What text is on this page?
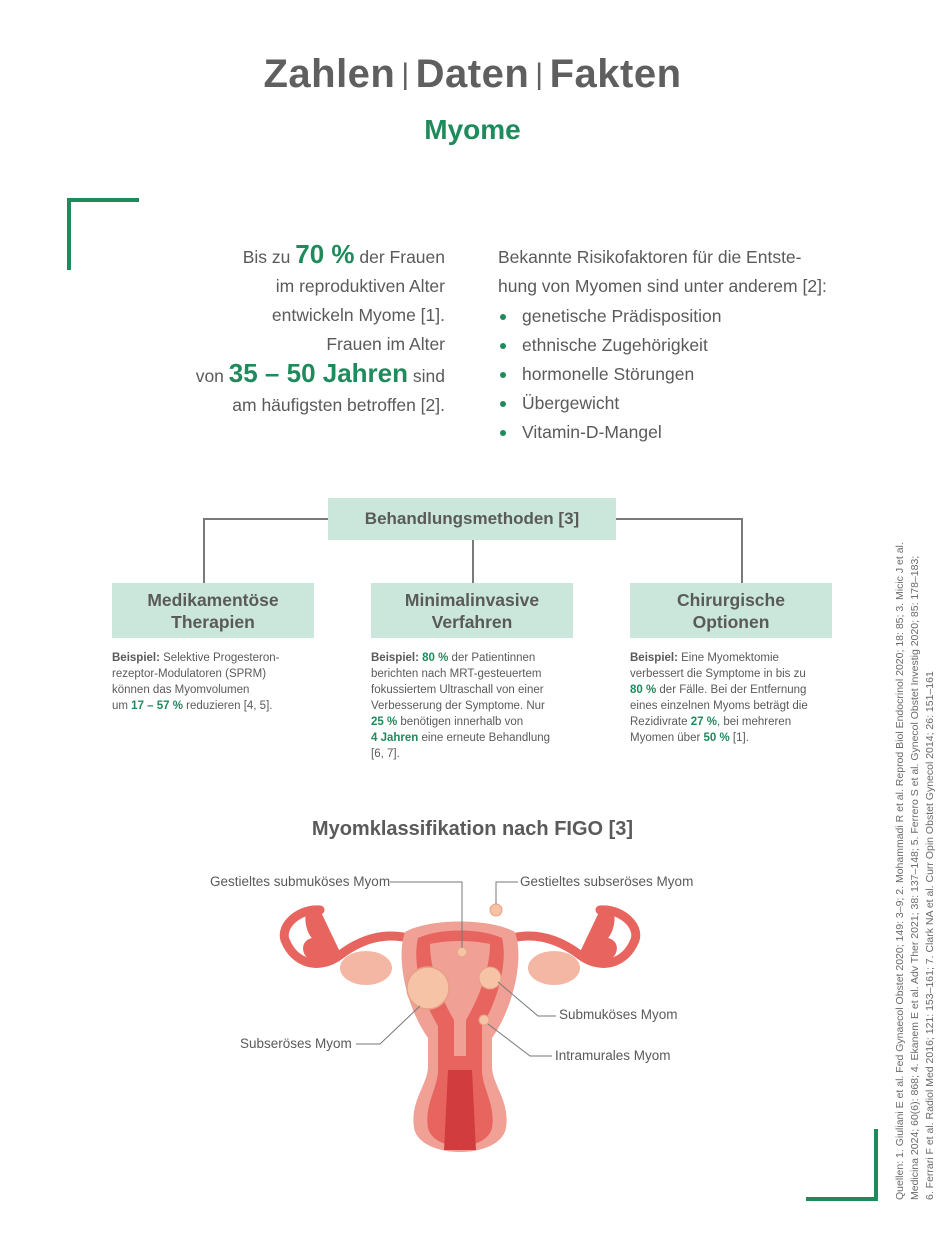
Zahlen | Daten | Fakten
Myome
Bis zu 70 % der Frauen
im reproduktiven Alter
entwickeln Myome [1].
Frauen im Alter
von 35 – 50 Jahren sind
am häufigsten betroffen [2].
Bekannte Risikofaktoren für die Entste-
hung von Myomen sind unter anderem [2]:
genetische Prädisposition
ethnische Zugehörigkeit
hormonelle Störungen
Übergewicht
Vitamin-D-Mangel
Behandlungsmethoden [3]
Medikamentöse
Therapien
Minimalinvasive
Verfahren
Chirurgische
Optionen
Beispiel: Selektive Progesteron-
rezeptor-Modulatoren (SPRM)
können das Myomvolumen
um 17 – 57 % reduzieren [4, 5].
Beispiel: 80 % der Patientinnen
berichten nach MRT-gesteuertem
fokussiertem Ultraschall von einer
Verbesserung der Symptome. Nur
25 % benötigen innerhalb von
4 Jahren eine erneute Behandlung
[6, 7].
Beispiel: Eine Myomektomie
verbessert die Symptome in bis zu
80 % der Fälle. Bei der Entfernung
eines einzelnen Myoms beträgt die
Rezidivrate 27 %, bei mehreren
Myomen über 50 % [1].
Myomklassifikation nach FIGO [3]
Gestieltes submuköses Myom	Gestieltes subseröses Myom
Submuköses Myom
Subseröses Myom
Intramurales Myom	Quellen: 1. Giuliani E et al. Fed Gynaecol Obstet 2020; 149: 3–9; 2. Mohammadi R et al. Reprod Biol Endocrinol 2020; 18: 85; 3. Micic J et al. Medicina 2024; 60(6): 868; 4. Ekanem E et al. Adv Ther 2021; 38: 137–148; 5. Ferrero S et al. Gynecol Obstet Investig 2020; 85: 178–183; 6. Ferrari F et al. Radiol Med 2016; 121: 153–161; 7. Clark NA et al. Curr Opin Obstet Gynecol 2014; 26: 151–161
